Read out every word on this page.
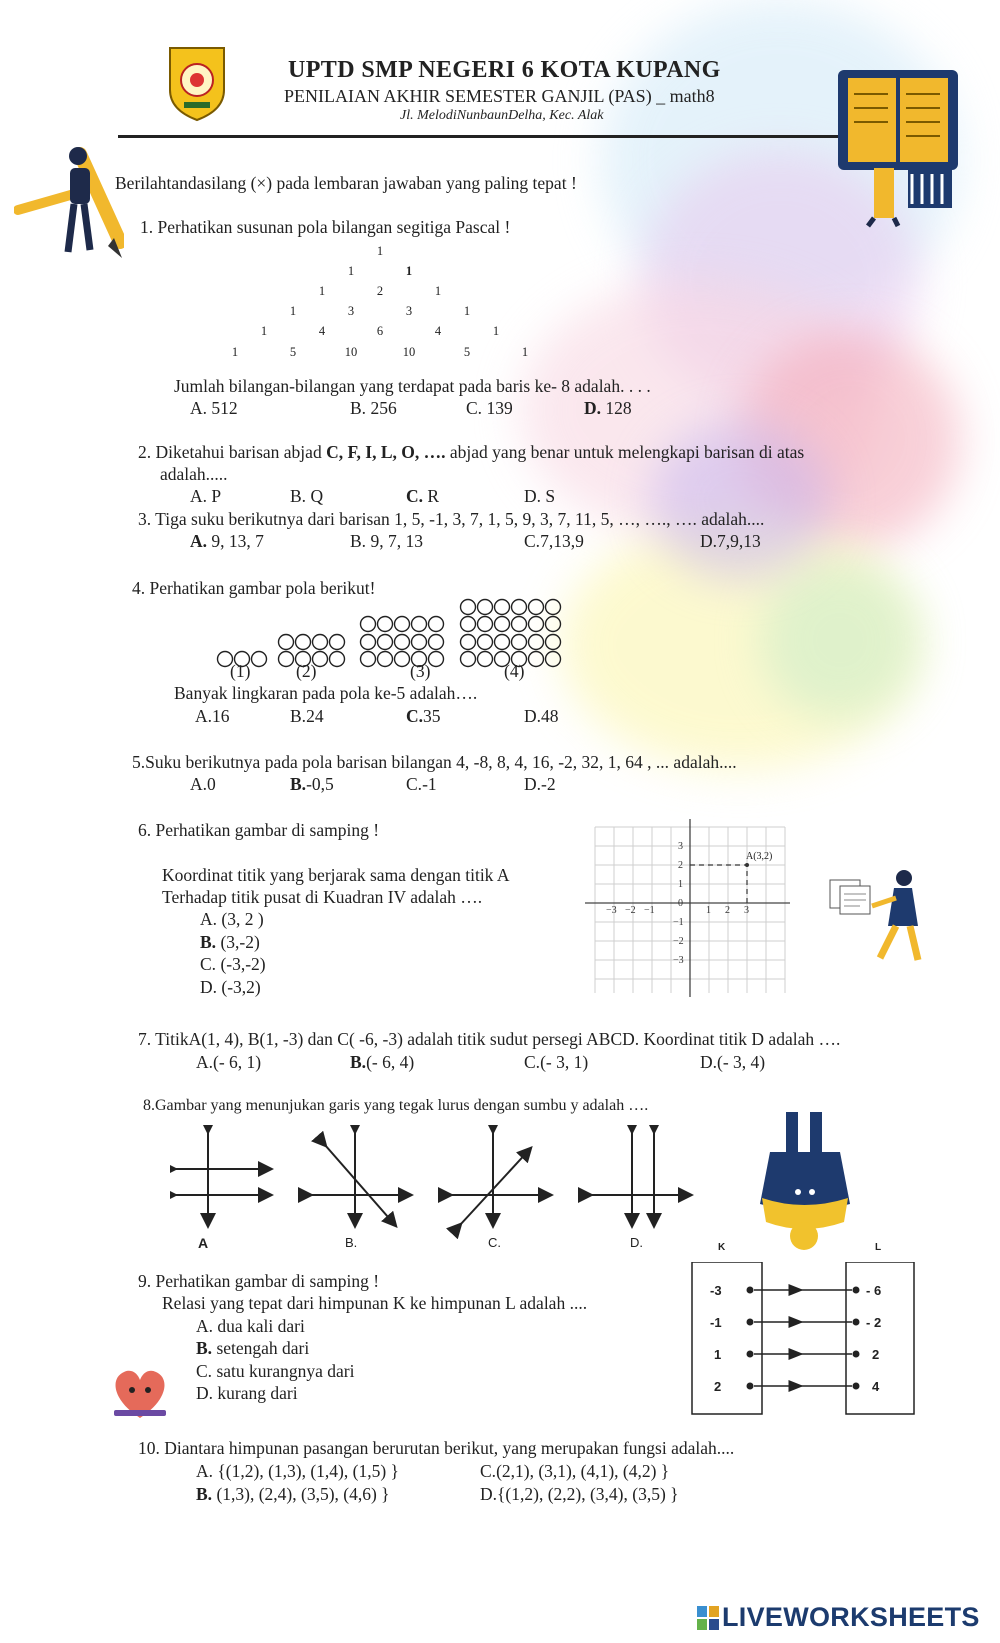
UPTD SMP NEGERI 6 KOTA KUPANG
PENILAIAN AKHIR SEMESTER GANJIL (PAS) _ math8
Jl. MelodiNunbaunDelha, Kec. Alak
Berilahtandasilang (×) pada lembaran jawaban yang paling tepat !
1. Perhatikan susunan pola bilangan segitiga Pascal !
1
1	1
1	2	1
1	3	3	1
1	4	6	4	1
1	5	10	10	5	1
Jumlah bilangan-bilangan yang terdapat pada baris ke- 8 adalah. . . .
A. 512	B. 256	C. 139	D. 128
2. Diketahui barisan abjad C, F, I, L, O, …. abjad yang benar untuk melengkapi barisan di atas
adalah.....
A. P	B. Q	C. R	D. S
3. Tiga suku berikutnya dari barisan 1, 5, -1, 3, 7, 1, 5, 9, 3, 7, 11, 5, …, …., …. adalah....
A. 9, 13, 7	B. 9, 7, 13	C.7,13,9	D.7,9,13
4. Perhatikan gambar pola berikut!
(1)	(2)	(3)	(4)
Banyak lingkaran pada pola ke-5 adalah….
A.16	B.24	C.35	D.48
5.Suku berikutnya pada pola barisan bilangan 4, -8, 8, 4, 16, -2, 32, 1, 64 , ... adalah....
A.0	B.-0,5	C.-1	D.-2
6. Perhatikan gambar di samping !
Koordinat titik yang berjarak sama dengan titik A
Terhadap titik pusat di Kuadran IV adalah ….
A. (3, 2 )
B. (3,-2)
C. (-3,-2)
D. (-3,2)
A(3,2)
−3 −2 −1	1 2 3
3
2
1
0
−1
−2
−3
7. TitikA(1, 4), B(1, -3) dan C( -6, -3) adalah titik sudut persegi ABCD. Koordinat titik D adalah ….
A.(- 6, 1)	B.(- 6, 4)	C.(- 3, 1)	D.(- 3, 4)
8.Gambar yang menunjukan garis yang tegak lurus dengan sumbu y adalah ….
A	B.	C.	D.
9. Perhatikan gambar di samping !
Relasi yang tepat dari himpunan K ke himpunan L adalah ....
A. dua kali dari
B. setengah dari
C. satu kurangnya dari
D. kurang dari
K	L
-3
-1
1
2
- 6
- 2
2
4
10. Diantara himpunan pasangan berurutan berikut, yang merupakan fungsi adalah....
A. {(1,2), (1,3), (1,4), (1,5) }	C.(2,1), (3,1), (4,1), (4,2) }
B. (1,3), (2,4), (3,5), (4,6) }	D.{(1,2), (2,2), (3,4), (3,5) }
LIVEWORKSHEETS
